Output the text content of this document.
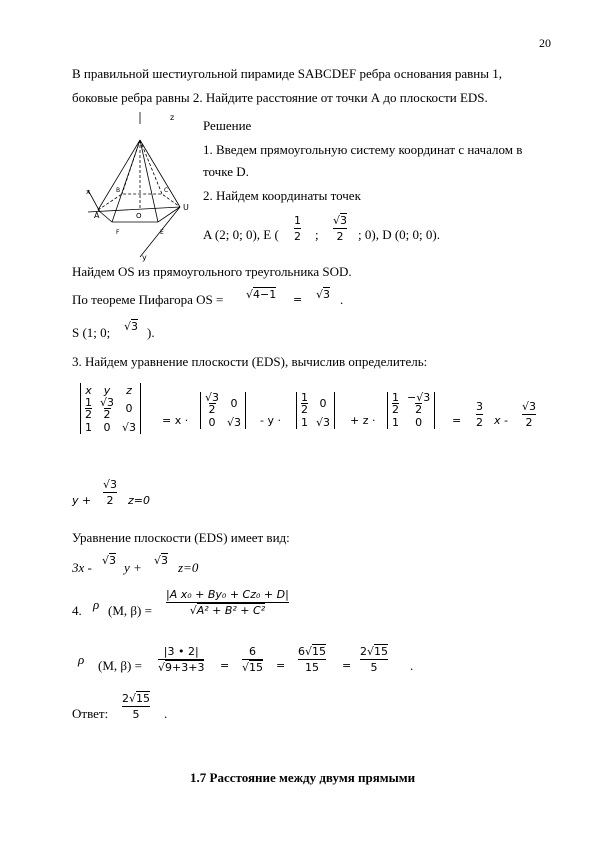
20
В правильной шестиугольной пирамиде SABCDEF ребра основания равны 1,
боковые ребра равны 2. Найдите расстояние от точки А до плоскости EDS.
z
x
A
U
O
B	C
F	E
y
Решение
1. Введем прямоугольную систему координат с началом в
точке D.
2. Найдем координаты точек
A (2; 0; 0), E (
1
2 ;
√3
2 ; 0), D (0; 0; 0).
Найдем OS из прямоугольного треугольника SOD.
По теореме Пифагора OS = √4−1 = √3 .
S (1; 0; √3 ).
3. Найдем уравнение плоскости (EDS), вычислив определитель:
x	y	z
1
2	√3
2	0
1	0	√3 = x ·
√3
2	0
0	√3 - y ·
1
2	0
1	√3 + z ·
1
2	−√3
2
1	0	=
3
2 x -
√3
2
y +
√3
2 z=0
Уравнение плоскости (EDS) имеет вид:
3x - √3 y + √3 z=0
4. ρ (M, β) =
|A x₀ + By₀ + Cz₀ + D|
√A² + B² + C²
ρ (M, β) =
|3 • 2|
√9+3+3 =
6
√15 =
6√15
15 =
2√15
5	.
Ответ:
2√15
5 .
1.7 Расстояние между двумя прямыми
